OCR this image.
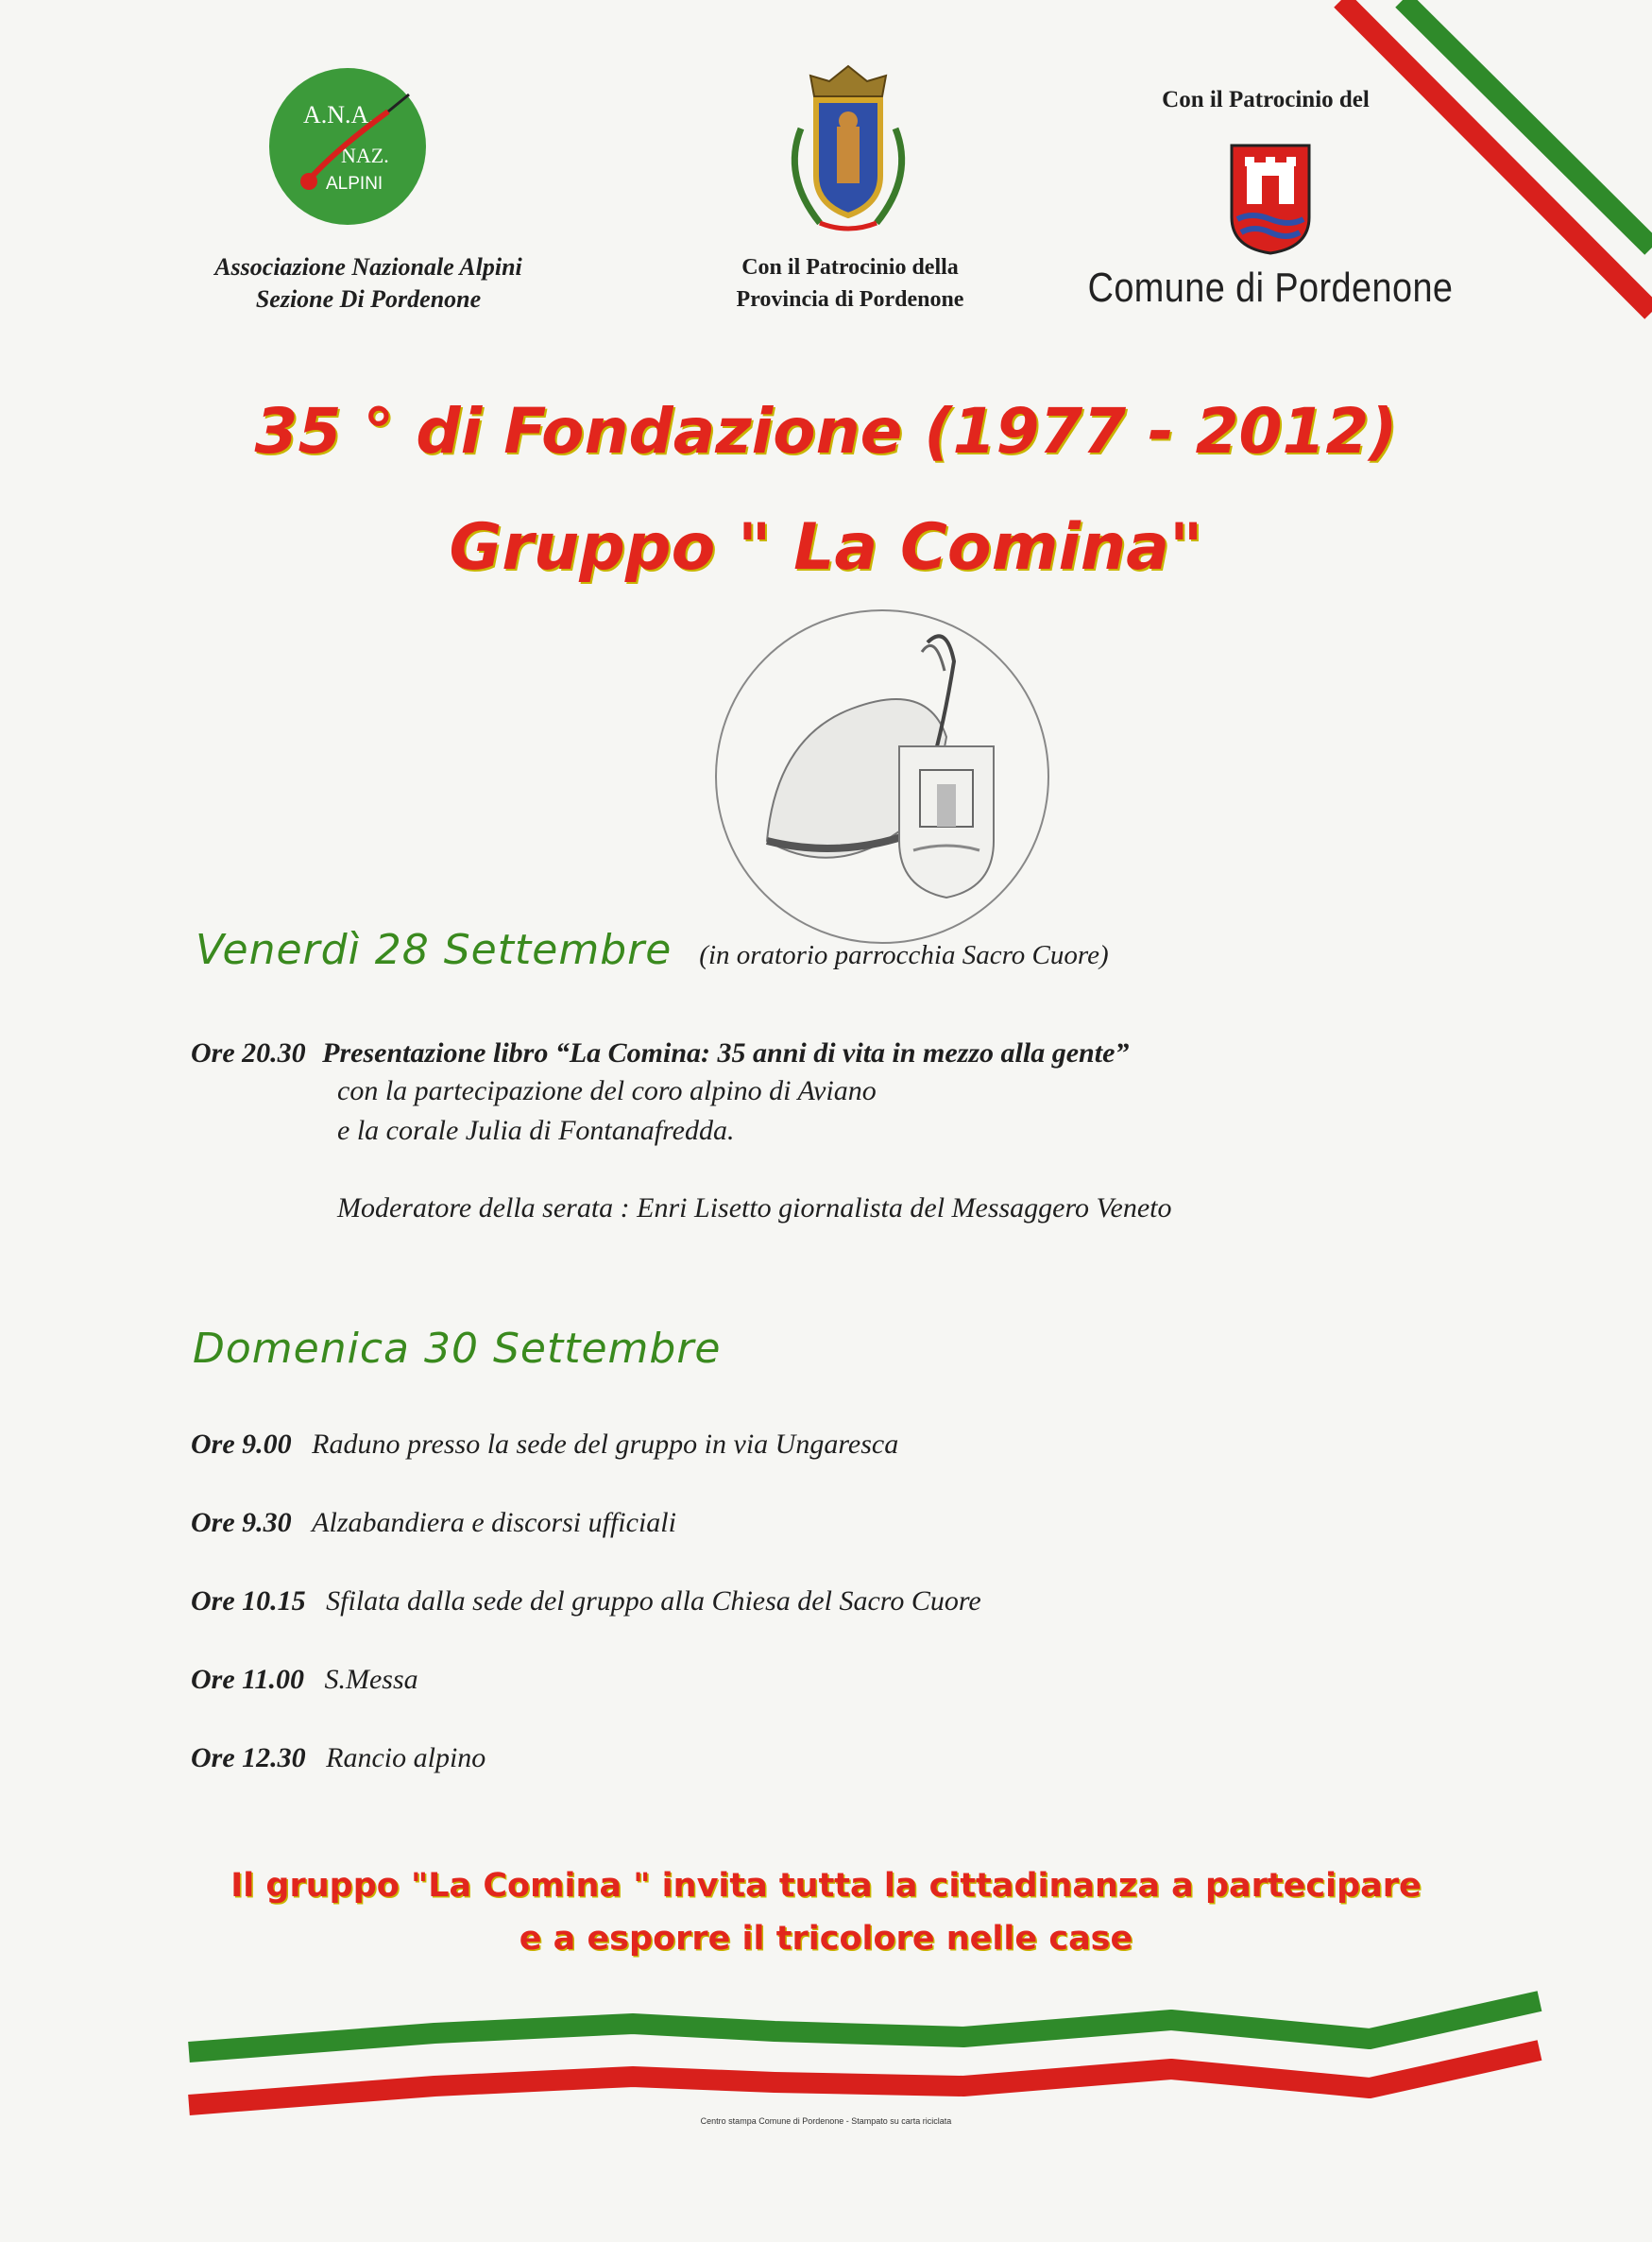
A.N.A.
NAZ.
ALPINI
Associazione Nazionale Alpini
Sezione Di Pordenone
Con il Patrocinio della
Provincia di Pordenone
Con il Patrocinio del
Comune di Pordenone
35 ° di Fondazione (1977 - 2012)
Gruppo " La Comina"
Venerdì 28 Settembre (in oratorio parrocchia Sacro Cuore)
Ore 20.30 Presentazione libro “La Comina: 35 anni di vita in mezzo alla gente”
con la partecipazione del coro alpino di Aviano
e la corale Julia di Fontanafredda.
Moderatore della serata : Enri Lisetto giornalista del Messaggero Veneto
Domenica 30 Settembre
Ore 9.00 Raduno presso la sede del gruppo in via Ungaresca
Ore 9.30 Alzabandiera e discorsi ufficiali
Ore 10.15 Sfilata dalla sede del gruppo alla Chiesa del Sacro Cuore
Ore 11.00 S.Messa
Ore 12.30 Rancio alpino
Il gruppo "La Comina " invita tutta la cittadinanza a partecipare
e a esporre il tricolore nelle case
Centro stampa Comune di Pordenone - Stampato su carta riciclata
